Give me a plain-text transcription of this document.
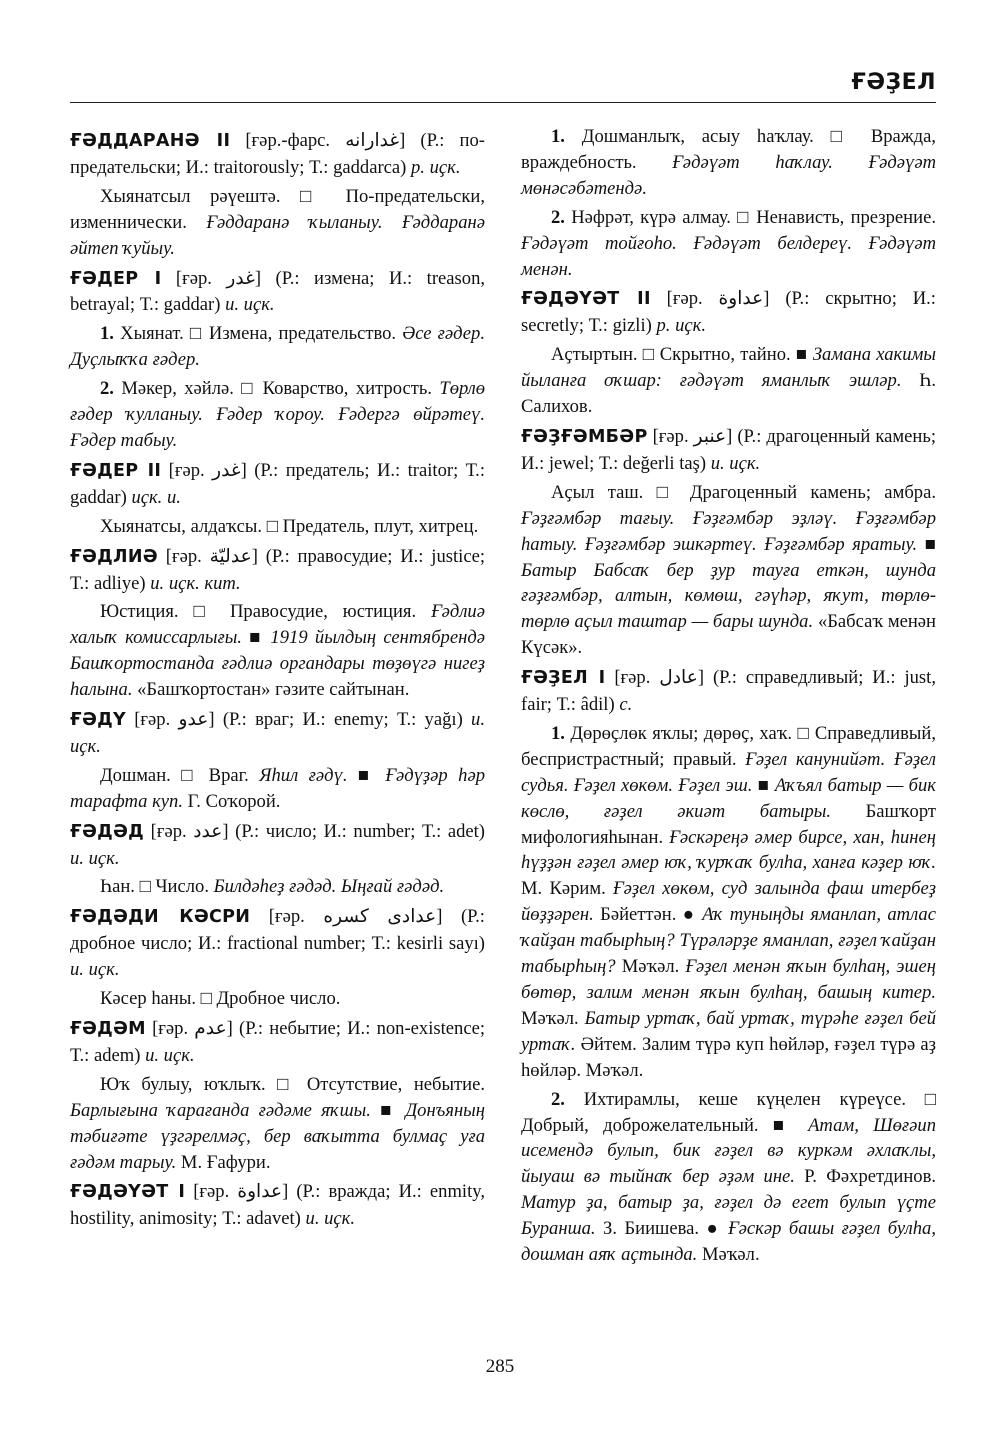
ҒӘҘЕЛ

ҒӘДДАРАНӘ II [ғәр.-фарс. غدارانه] (Р.: по-предательски; И.: traitorously; Т.: gaddarca) р. иҫк.

Хыянатсыл рәүештә. □ По-предательски, изменнически. Ғәддаранә ҡыланыу. Ғәддаранә әйтеп ҡуйыу.

ҒӘДЕР I [ғәр. غدر] (Р.: измена; И.: treason, betrayal; Т.: gaddar) и. иҫк.

1. Хыянат. □ Измена, предательство. Әсе ғәдер. Дуҫлыҡҡа ғәдер.

2. Мәкер, хәйлә. □ Коварство, хитрость. Төрлө ғәдер ҡулланыу. Ғәдер ҡороу. Ғәдергә өйрәтеү. Ғәдер табыу.

ҒӘДЕР II [ғәр. غدر] (Р.: предатель; И.: traitor; Т.: gaddar) иҫк. и.

Хыянатсы, алдаҡсы. □ Предатель, плут, хитрец.

ҒӘДЛИӘ [ғәр. عدليّة] (Р.: правосудие; И.: justice; Т.: adliye) и. иҫк. кит.

Юстиция. □ Правосудие, юстиция. Ғәдлиә халыҡ комиссарлығы. ■ 1919 йылдың сентябрендә Башҡортостанда ғәдлиә органдары төҙөүгә нигеҙ һалына. «Башҡортостан» гәзите сайтынан.

ҒӘДҮ [ғәр. عدو] (Р.: враг; И.: enemy; Т.: yağı) и. иҫк.

Дошман. □ Враг. Яһил ғәдү. ■ Ғәдүҙәр һәр тарафта куп. Г. Соҡорой.

ҒӘДӘД [ғәр. عدد] (Р.: число; И.: number; Т.: adet) и. иҫк.

Һан. □ Число. Билдәһеҙ ғәдәд. Ыңғай ғәдәд.

ҒӘДӘДИ КӘСРИ [ғәр. عدادی كسره] (Р.: дробное число; И.: fractional number; Т.: kesirli sayı) и. иҫк.

Кәсер һаны. □ Дробное число.

ҒӘДӘМ [ғәр. عدم] (Р.: небытие; И.: non-existence; Т.: adem) и. иҫк.

Юҡ булыу, юҡлыҡ. □ Отсутствие, небытие. Барлығына ҡарағанда ғәдәме яҡшы. ■ Донъяның тәбиғәте үҙгәрелмәҫ, бер ваҡытта булмаҫ уға ғәдәм тарыу. М. Ғафури.

ҒӘДӘҮӘТ I [ғәр. عداوة] (Р.: вражда; И.: enmity, hostility, animosity; Т.: adavet) и. иҫк.

1. Дошманлыҡ, асыу һаҡлау. □ Вражда, враждебность. Ғәдәүәт һаҡлау. Ғәдәүәт мөнәсәбәтендә.

2. Нәфрәт, күрә алмау. □ Ненависть, презрение. Ғәдәүәт тойғоһо. Ғәдәүәт белдереү. Ғәдәүәт менән.

ҒӘДӘҮӘТ II [ғәр. عداوة] (Р.: скрытно; И.: secretly; Т.: gizli) р. иҫк.

Аҫтыртын. □ Скрытно, тайно. ■ Замана хакимы йыланға оҡшар: ғәдәүәт яманлыҡ эшләр. Һ. Салихов.

ҒӘҘҒӘМБӘР [ғәр. عنبر] (Р.: драгоценный камень; И.: jewel; Т.: değerli taş) и. иҫк.

Аҫыл таш. □ Драгоценный камень; амбра. Ғәҙғәмбәр тағыу. Ғәҙғәмбәр эҙләү. Ғәҙғәмбәр һатыу. Ғәҙғәмбәр эшкәртеү. Ғәҙғәмбәр яратыу. ■ Батыр Бабсаҡ бер ҙур тауға еткән, шунда ғәҙғәмбәр, алтын, көмөш, гәүһәр, яҡут, төрлө-төрлө аҫыл таштар — бары шунда. «Бабсаҡ менән Күсәк».

ҒӘҘЕЛ I [ғәр. عادل] (Р.: справедливый; И.: just, fair; Т.: âdil) с.

1. Дөрөҫлөк яҡлы; дөрөҫ, хаҡ. □ Справедливый, беспристрастный; правый. Ғәҙел канунийәт. Ғәҙел судья. Ғәҙел хөкөм. Ғәҙел эш. ■ Аҡъял батыр — бик көслө, ғәҙел әкиәт батыры. Башҡорт мифологияһынан. Ғәскәреңә әмер бирсе, хан, һинең һүҙҙән ғәҙел әмер юҡ, ҡурҡаҡ булһа, ханға кәҙер юҡ. М. Кәрим. Ғәҙел хөкөм, суд залында фаш итербеҙ йөҙҙәрен. Бәйеттән. ● Аҡ туныңды яманлап, атлас ҡайҙан табырһың? Түрәләрҙе яманлап, ғәҙел ҡайҙан табырһың? Мәҡәл. Ғәҙел менән яҡын булһаң, эшең бөтөр, залим менән яҡын булһаң, башың китер. Мәҡәл. Батыр уртаҡ, бай уртаҡ, түрәһе ғәҙел бей уртаҡ. Әйтем. Залим түрә куп һөйләр, ғәҙел түрә аҙ һөйләр. Мәҡәл.

2. Ихтирамлы, кеше күңелен күреүсе. □ Добрый, доброжелательный. ■ Атам, Шөғәип исемендә булып, бик ғәҙел вә куркәм әхлаҡлы, йыуаш вә тыйнаҡ бер әҙәм ине. Р. Фәхретдинов. Матур ҙа, батыр ҙа, ғәҙел дә егет булып үҫте Буранша. З. Биишева. ● Ғәскәр башы ғәҙел булһа, дошман аяҡ аҫтында. Мәҡәл.

285
